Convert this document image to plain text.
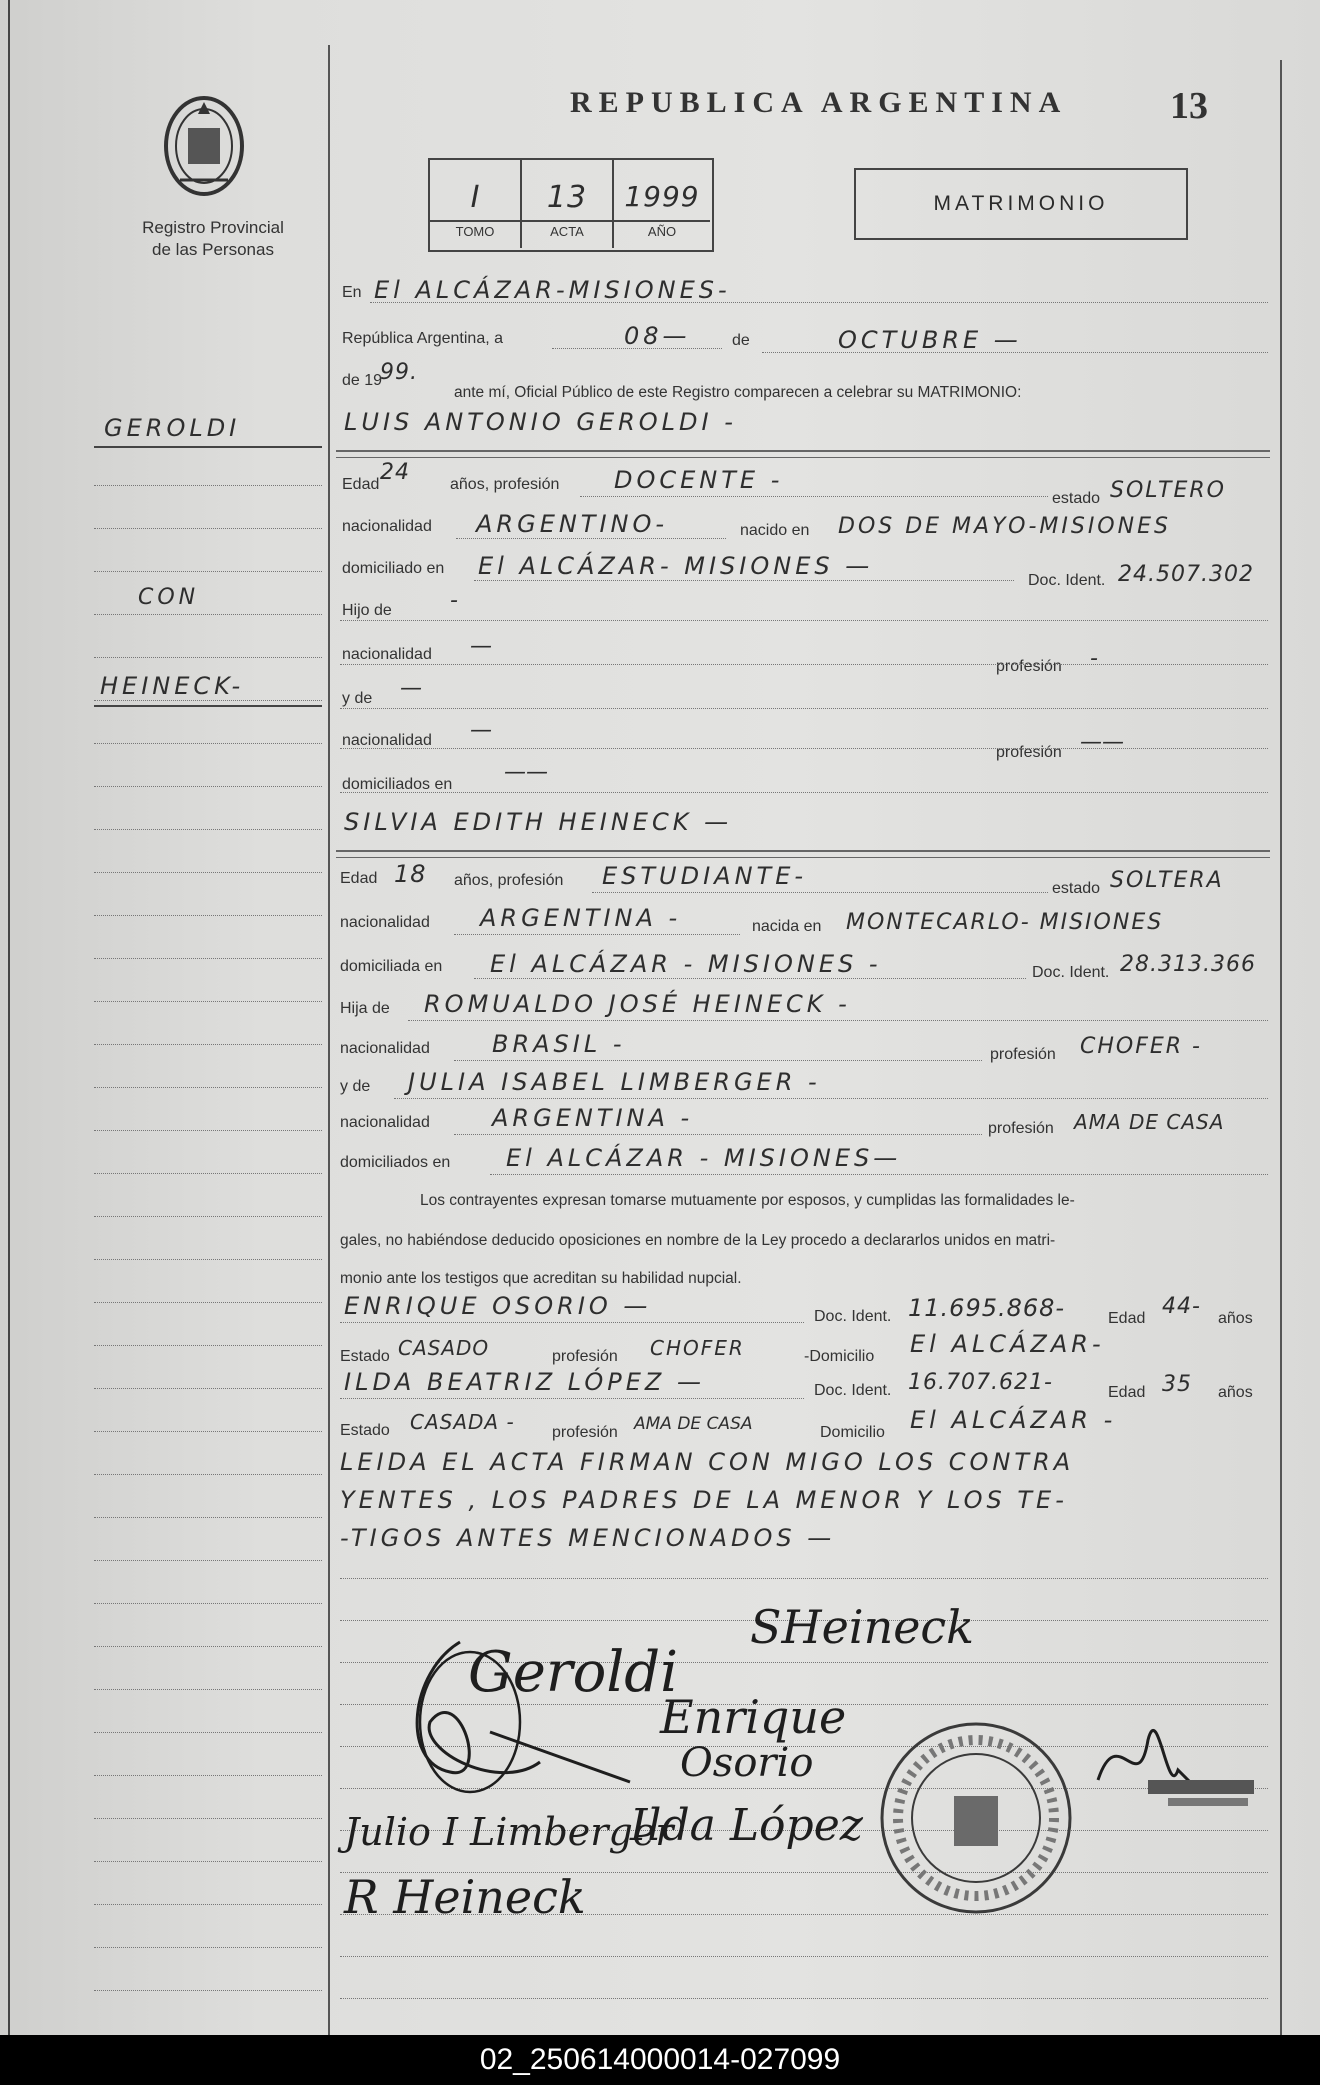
Registro Provincial
de las Personas
REPUBLICA ARGENTINA	13
I
TOMO
13
ACTA
1999
AÑO
MATRIMONIO
GEROLDI
CON
HEINECK-
En El ALCÁZAR-MISIONES-
República Argentina, a	08—	de	OCTUBRE —
de 19
99.
ante mí, Oficial Público de este Registro comparecen a celebrar su MATRIMONIO:
LUIS ANTONIO GEROLDI -
Edad 24	años, profesión DOCENTE -
estado SOLTERO
nacionalidad ARGENTINO-	nacido en DOS DE MAYO-MISIONES
domiciliado en El ALCÁZAR- MISIONES —
Doc. Ident. 24.507.302
Hijo de	-
nacionalidad —
profesión -
y de —
nacionalidad —
profesión ——
domiciliados en ——
SILVIA EDITH HEINECK —
Edad 18 años, profesión ESTUDIANTE-	estado SOLTERA
nacionalidad ARGENTINA -	nacida en MONTECARLO- MISIONES
domiciliada en El ALCÁZAR - MISIONES -	Doc. Ident. 28.313.366
Hija de ROMUALDO JOSÉ HEINECK -
nacionalidad	BRASIL -	profesión CHOFER -
y de JULIA ISABEL LIMBERGER -
nacionalidad	ARGENTINA -	profesión AMA DE CASA
domiciliados en El ALCÁZAR - MISIONES—
Los contrayentes expresan tomarse mutuamente por esposos, y cumplidas las formalidades le-
gales, no habiéndose deducido oposiciones en nombre de la Ley procedo a declararlos unidos en matri-
monio ante los testigos que acreditan su habilidad nupcial.
ENRIQUE OSORIO —	Doc. Ident. 11.695.868-	Edad 44- años
Estado CASADO	profesión CHOFER	-Domicilio El ALCÁZAR-
ILDA BEATRIZ LÓPEZ —	Doc. Ident. 16.707.621-	Edad 35 años
Estado CASADA - profesión AMA DE CASA	Domicilio El ALCÁZAR -
LEIDA EL ACTA FIRMAN CON MIGO LOS CONTRA
YENTES , LOS PADRES DE LA MENOR Y LOS TE-
-TIGOS ANTES MENCIONADOS —
Geroldi
SHeineck
Enrique
Osorio
Julio I Limberger
Ilda López
R Heineck
02_250614000014-027099
